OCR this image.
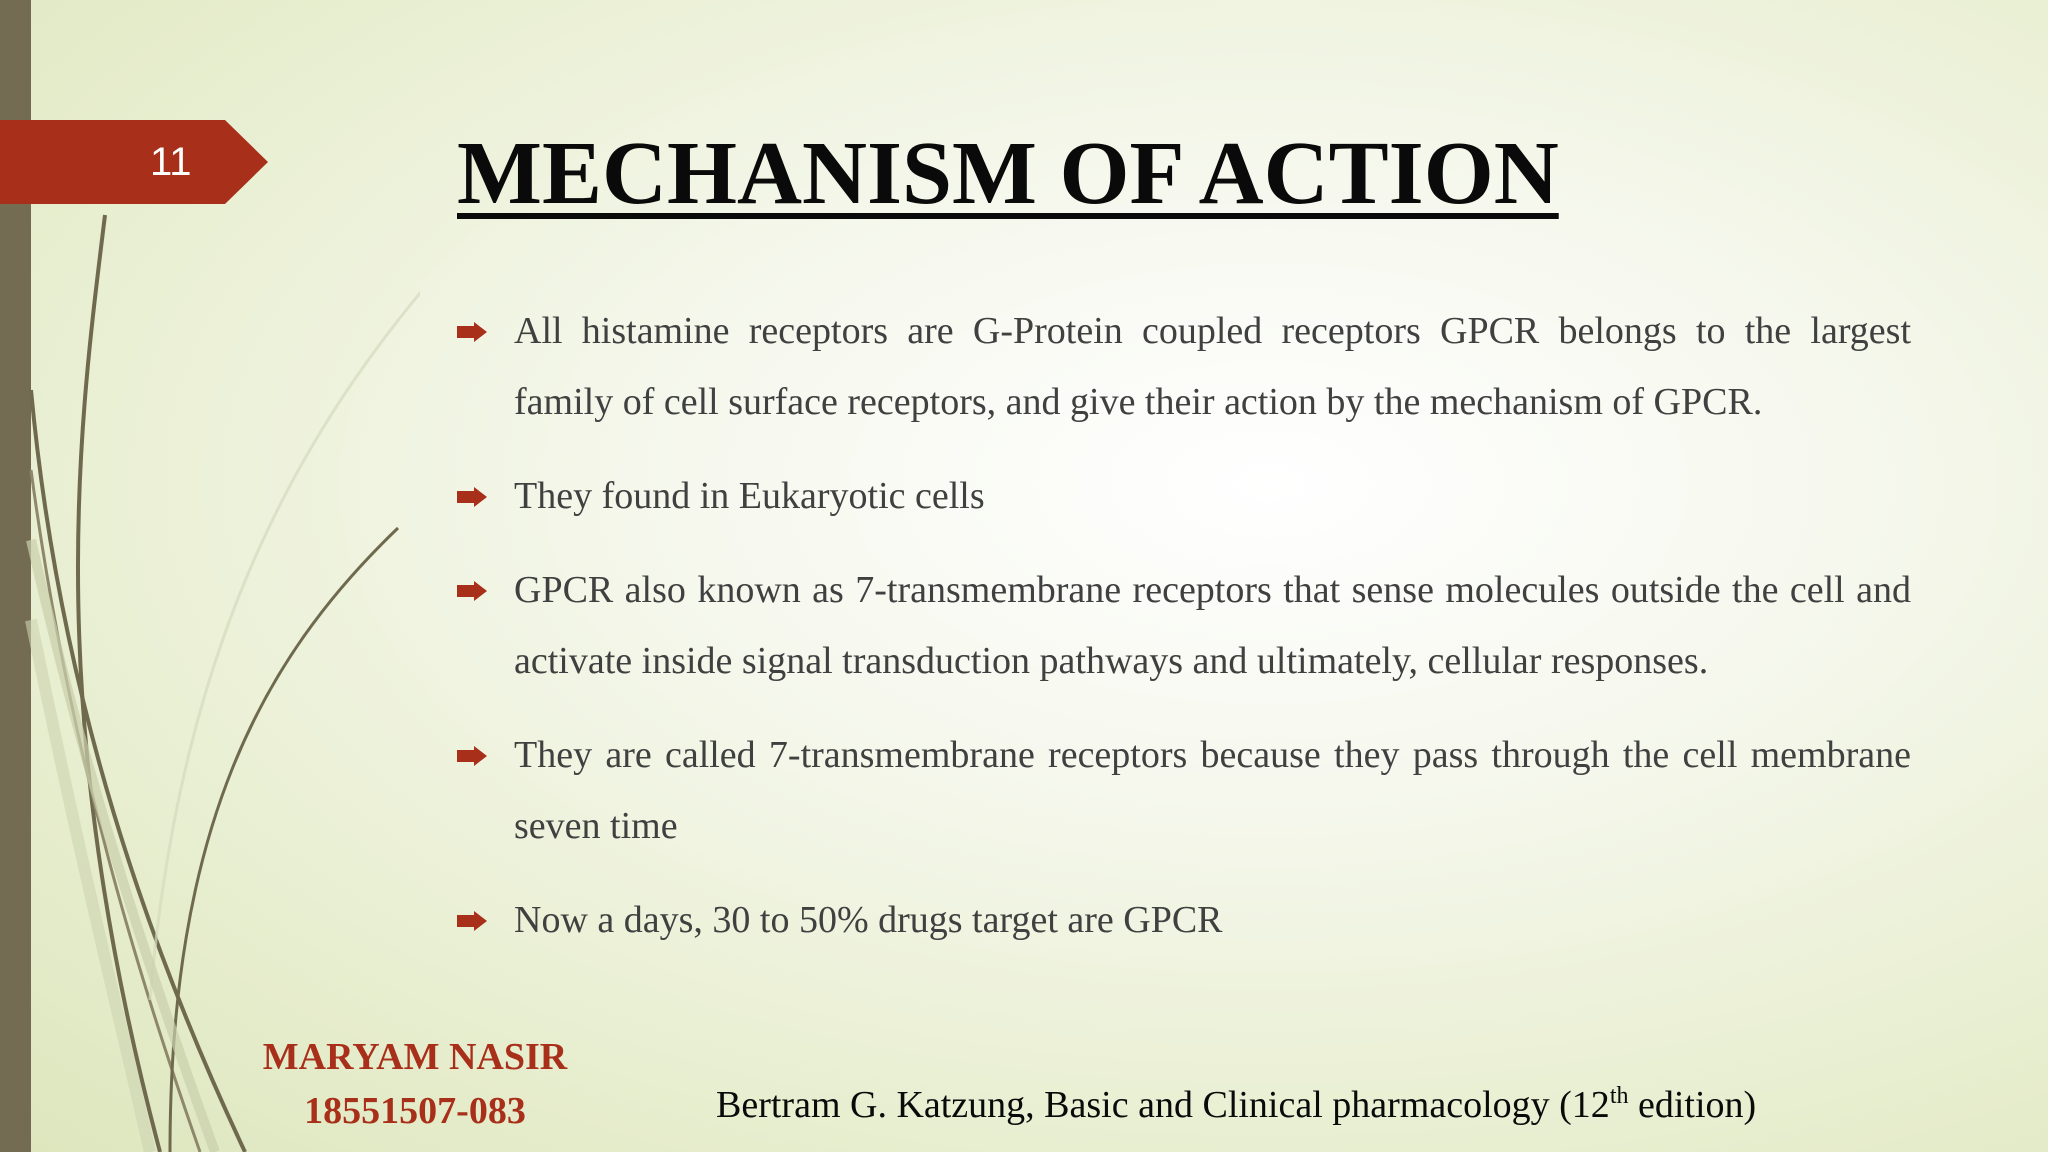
11	MECHANISM OF ACTION
All histamine receptors are G-Protein coupled receptors GPCR belongs to the largest family of cell surface receptors, and give their action by the mechanism of GPCR.
They found in Eukaryotic cells
GPCR also known as 7-transmembrane receptors that sense molecules outside the cell and activate inside signal transduction pathways and ultimately, cellular responses.
They are called 7-transmembrane receptors because they pass through the cell membrane seven time
Now a days, 30 to 50% drugs target are GPCR
MARYAM NASIR
18551507-083	Bertram G. Katzung, Basic and Clinical pharmacology (12th edition)
